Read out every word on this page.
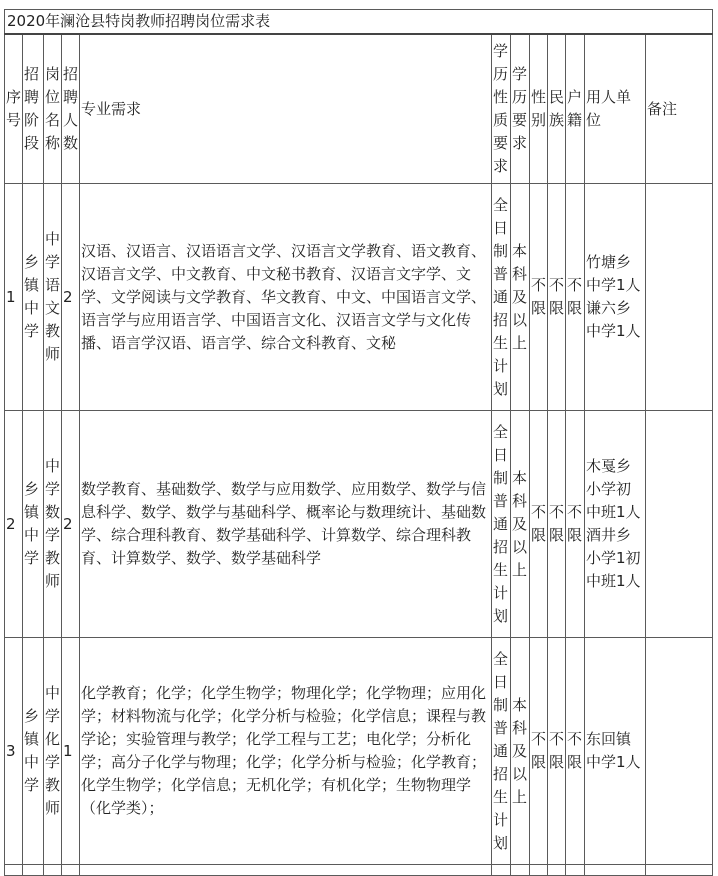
2020年澜沧县特岗教师招聘岗位需求表											
序号	招聘阶段	岗位名称	招聘人数	专业需求	学历性质要求	学历要求	性别	民族	户籍	用人单位	备注
1	乡镇中学	中学语文教师	2	汉语、汉语言、汉语语言文学、汉语言文学教育、语文教育、汉语言文学、中文教育、中文秘书教育、汉语言文字学、文学、文学阅读与文学教育、华文教育、中文、中国语言文学、语言学与应用语言学、中国语言文化、汉语言文学与文化传播、语言学汉语、语言学、综合文科教育、文秘	全日制普通招生计划	本科及以上	不限	不限	不限	竹塘乡中学1人谦六乡中学1人	
2	乡镇中学	中学数学教师	2	数学教育、基础数学、数学与应用数学、应用数学、数学与信息科学、数学、数学与基础科学、概率论与数理统计、基础数学、综合理科教育、数学基础科学、计算数学、综合理科教育、计算数学、数学、数学基础科学	全日制普通招生计划	本科及以上	不限	不限	不限	木戛乡小学初中班1人酒井乡小学1初中班1人	
3	乡镇中学	中学化学教师	1	化学教育；化学；化学生物学；物理化学；化学物理；应用化学；材料物流与化学；化学分析与检验；化学信息；课程与教学论；实验管理与教学；化学工程与工艺；电化学；分析化学；高分子化学与物理；化学；化学分析与检验；化学教育；化学生物学；化学信息；无机化学；有机化学；生物物理学（化学类）；	全日制普通招生计划	本科及以上	不限	不限	不限	东回镇中学1人	
